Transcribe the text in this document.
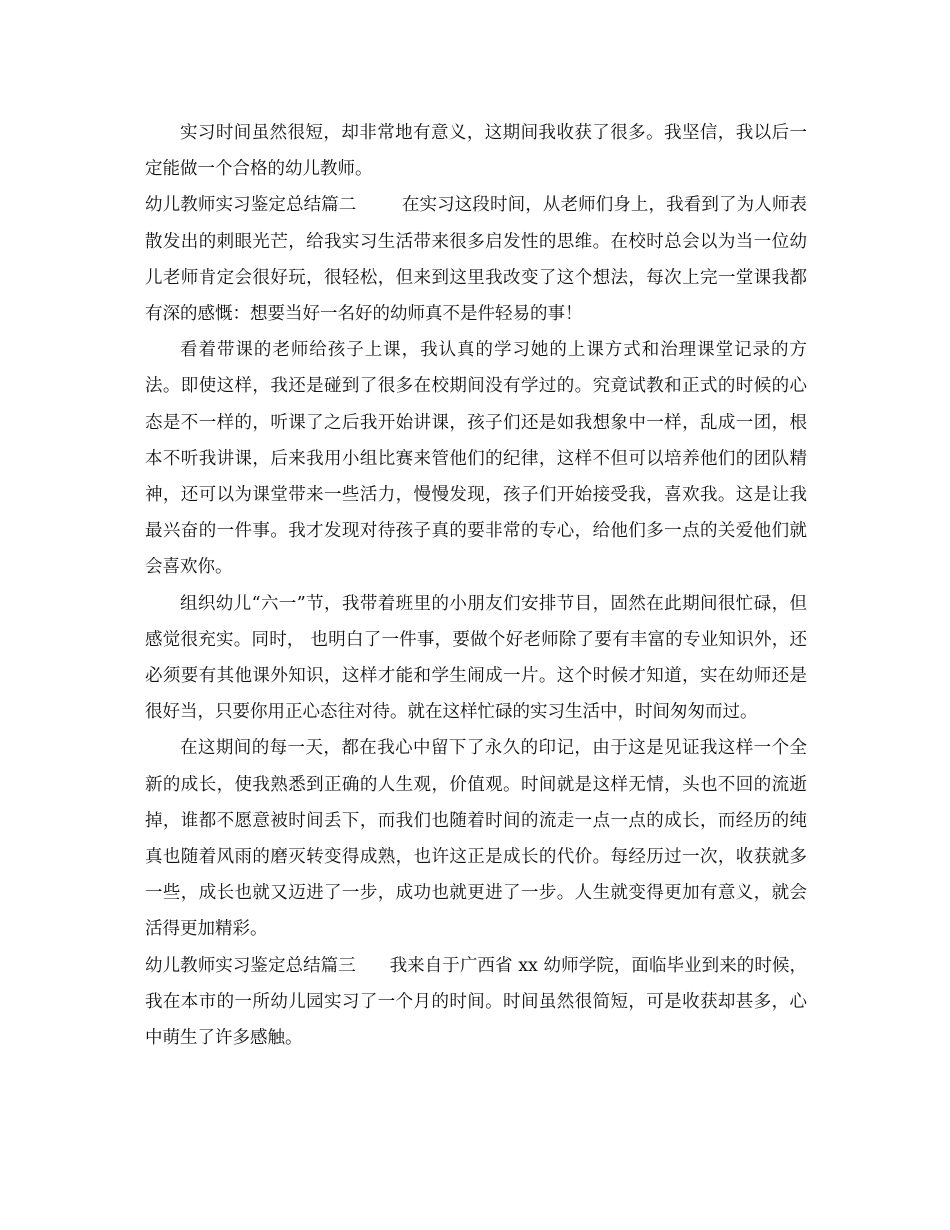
实习时间虽然很短，却非常地有意义，这期间我收获了很多。我坚信，我以后一定能做一个合格的幼儿教师。

幼儿教师实习鉴定总结篇二	在实习这段时间，从老师们身上，我看到了为人师表散发出的刺眼光芒，给我实习生活带来很多启发性的思维。在校时总会以为当一位幼儿老师肯定会很好玩，很轻松，但来到这里我改变了这个想法，每次上完一堂课我都有深的感慨：想要当好一名好的幼师真不是件轻易的事！

看着带课的老师给孩子上课，我认真的学习她的上课方式和治理课堂记录的方法。即使这样，我还是碰到了很多在校期间没有学过的。究竟试教和正式的时候的心态是不一样的，听课了之后我开始讲课，孩子们还是如我想象中一样，乱成一团，根本不听我讲课，后来我用小组比赛来管他们的纪律，这样不但可以培养他们的团队精神，还可以为课堂带来一些活力，慢慢发现，孩子们开始接受我，喜欢我。这是让我最兴奋的一件事。我才发现对待孩子真的要非常的专心，给他们多一点的关爱他们就会喜欢你。

组织幼儿“六一”节，我带着班里的小朋友们安排节目，固然在此期间很忙碌，但感觉很充实。同时， 也明白了一件事，要做个好老师除了要有丰富的专业知识外，还必须要有其他课外知识，这样才能和学生闹成一片。这个时候才知道，实在幼师还是很好当，只要你用正心态往对待。就在这样忙碌的实习生活中，时间匆匆而过。

在这期间的每一天，都在我心中留下了永久的印记，由于这是见证我这样一个全新的成长，使我熟悉到正确的人生观，价值观。时间就是这样无情，头也不回的流逝掉，谁都不愿意被时间丢下，而我们也随着时间的流走一点一点的成长，而经历的纯真也随着风雨的磨灭转变得成熟，也许这正是成长的代价。每经历过一次，收获就多一些，成长也就又迈进了一步，成功也就更进了一步。人生就变得更加有意义，就会活得更加精彩。

幼儿教师实习鉴定总结篇三 我来自于广西省 xx 幼师学院，面临毕业到来的时候，我在本市的一所幼儿园实习了一个月的时间。时间虽然很简短，可是收获却甚多，心中萌生了许多感触。
